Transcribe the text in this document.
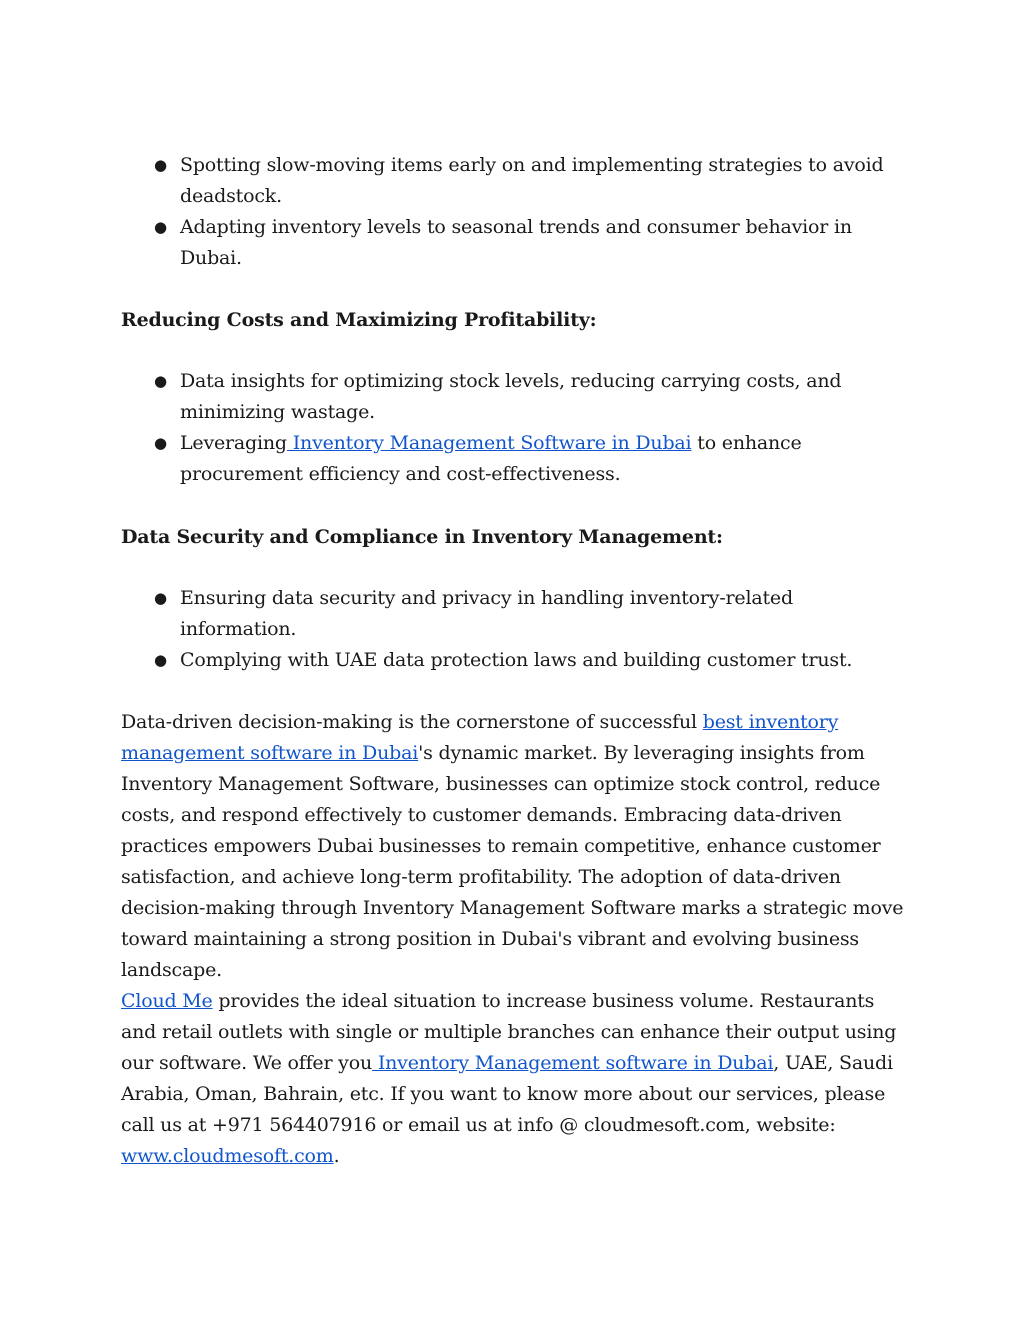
● Spotting slow-moving items early on and implementing strategies to avoid deadstock.
● Adapting inventory levels to seasonal trends and consumer behavior in Dubai.

Reducing Costs and Maximizing Profitability:

● Data insights for optimizing stock levels, reducing carrying costs, and minimizing wastage.
● Leveraging Inventory Management Software in Dubai to enhance procurement efficiency and cost-effectiveness.

Data Security and Compliance in Inventory Management:

● Ensuring data security and privacy in handling inventory-related information.
● Complying with UAE data protection laws and building customer trust.

Data-driven decision-making is the cornerstone of successful best inventory management software in Dubai's dynamic market. By leveraging insights from Inventory Management Software, businesses can optimize stock control, reduce costs, and respond effectively to customer demands. Embracing data-driven practices empowers Dubai businesses to remain competitive, enhance customer satisfaction, and achieve long-term profitability. The adoption of data-driven decision-making through Inventory Management Software marks a strategic move toward maintaining a strong position in Dubai's vibrant and evolving business landscape.

Cloud Me provides the ideal situation to increase business volume. Restaurants and retail outlets with single or multiple branches can enhance their output using our software. We offer you Inventory Management software in Dubai, UAE, Saudi Arabia, Oman, Bahrain, etc. If you want to know more about our services, please call us at +971 564407916 or email us at info @ cloudmesoft.com, website: www.cloudmesoft.com.
